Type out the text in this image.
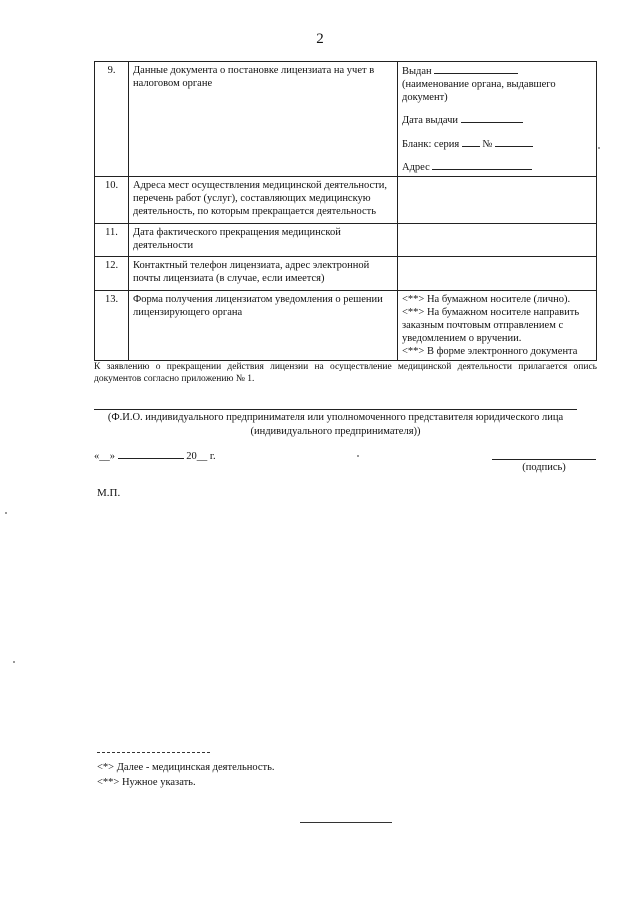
2
9.	Данные документа о постановке лицензиата на учет в налоговом органе	Выдан
(наименование органа, выдавшего документ)
Дата выдачи
Бланк: серия №
Адрес

10.	Адреса мест осуществления медицинской деятельности, перечень работ (услуг), составляющих медицинскую деятельность, по которым прекращается деятельность	
11.	Дата фактического прекращения медицинской деятельности	
12.	Контактный телефон лицензиата, адрес электронной почты лицензиата (в случае, если имеется)	
13.	Форма получения лицензиатом уведомления о решении лицензирующего органа	<**> На бумажном носителе (лично).
<**> На бумажном носителе направить заказным почтовым отправлением с уведомлением о вручении.
<**> В форме электронного документа
К заявлению о прекращении действия лицензии на осуществление медицинской деятельности прилагается опись документов согласно приложению № 1.
(Ф.И.О. индивидуального предпринимателя или уполномоченного представителя юридического лица
(индивидуального предпринимателя))
«__»	20__ г.
(подпись)
М.П.
<*> Далее - медицинская деятельность.
<**> Нужное указать.
